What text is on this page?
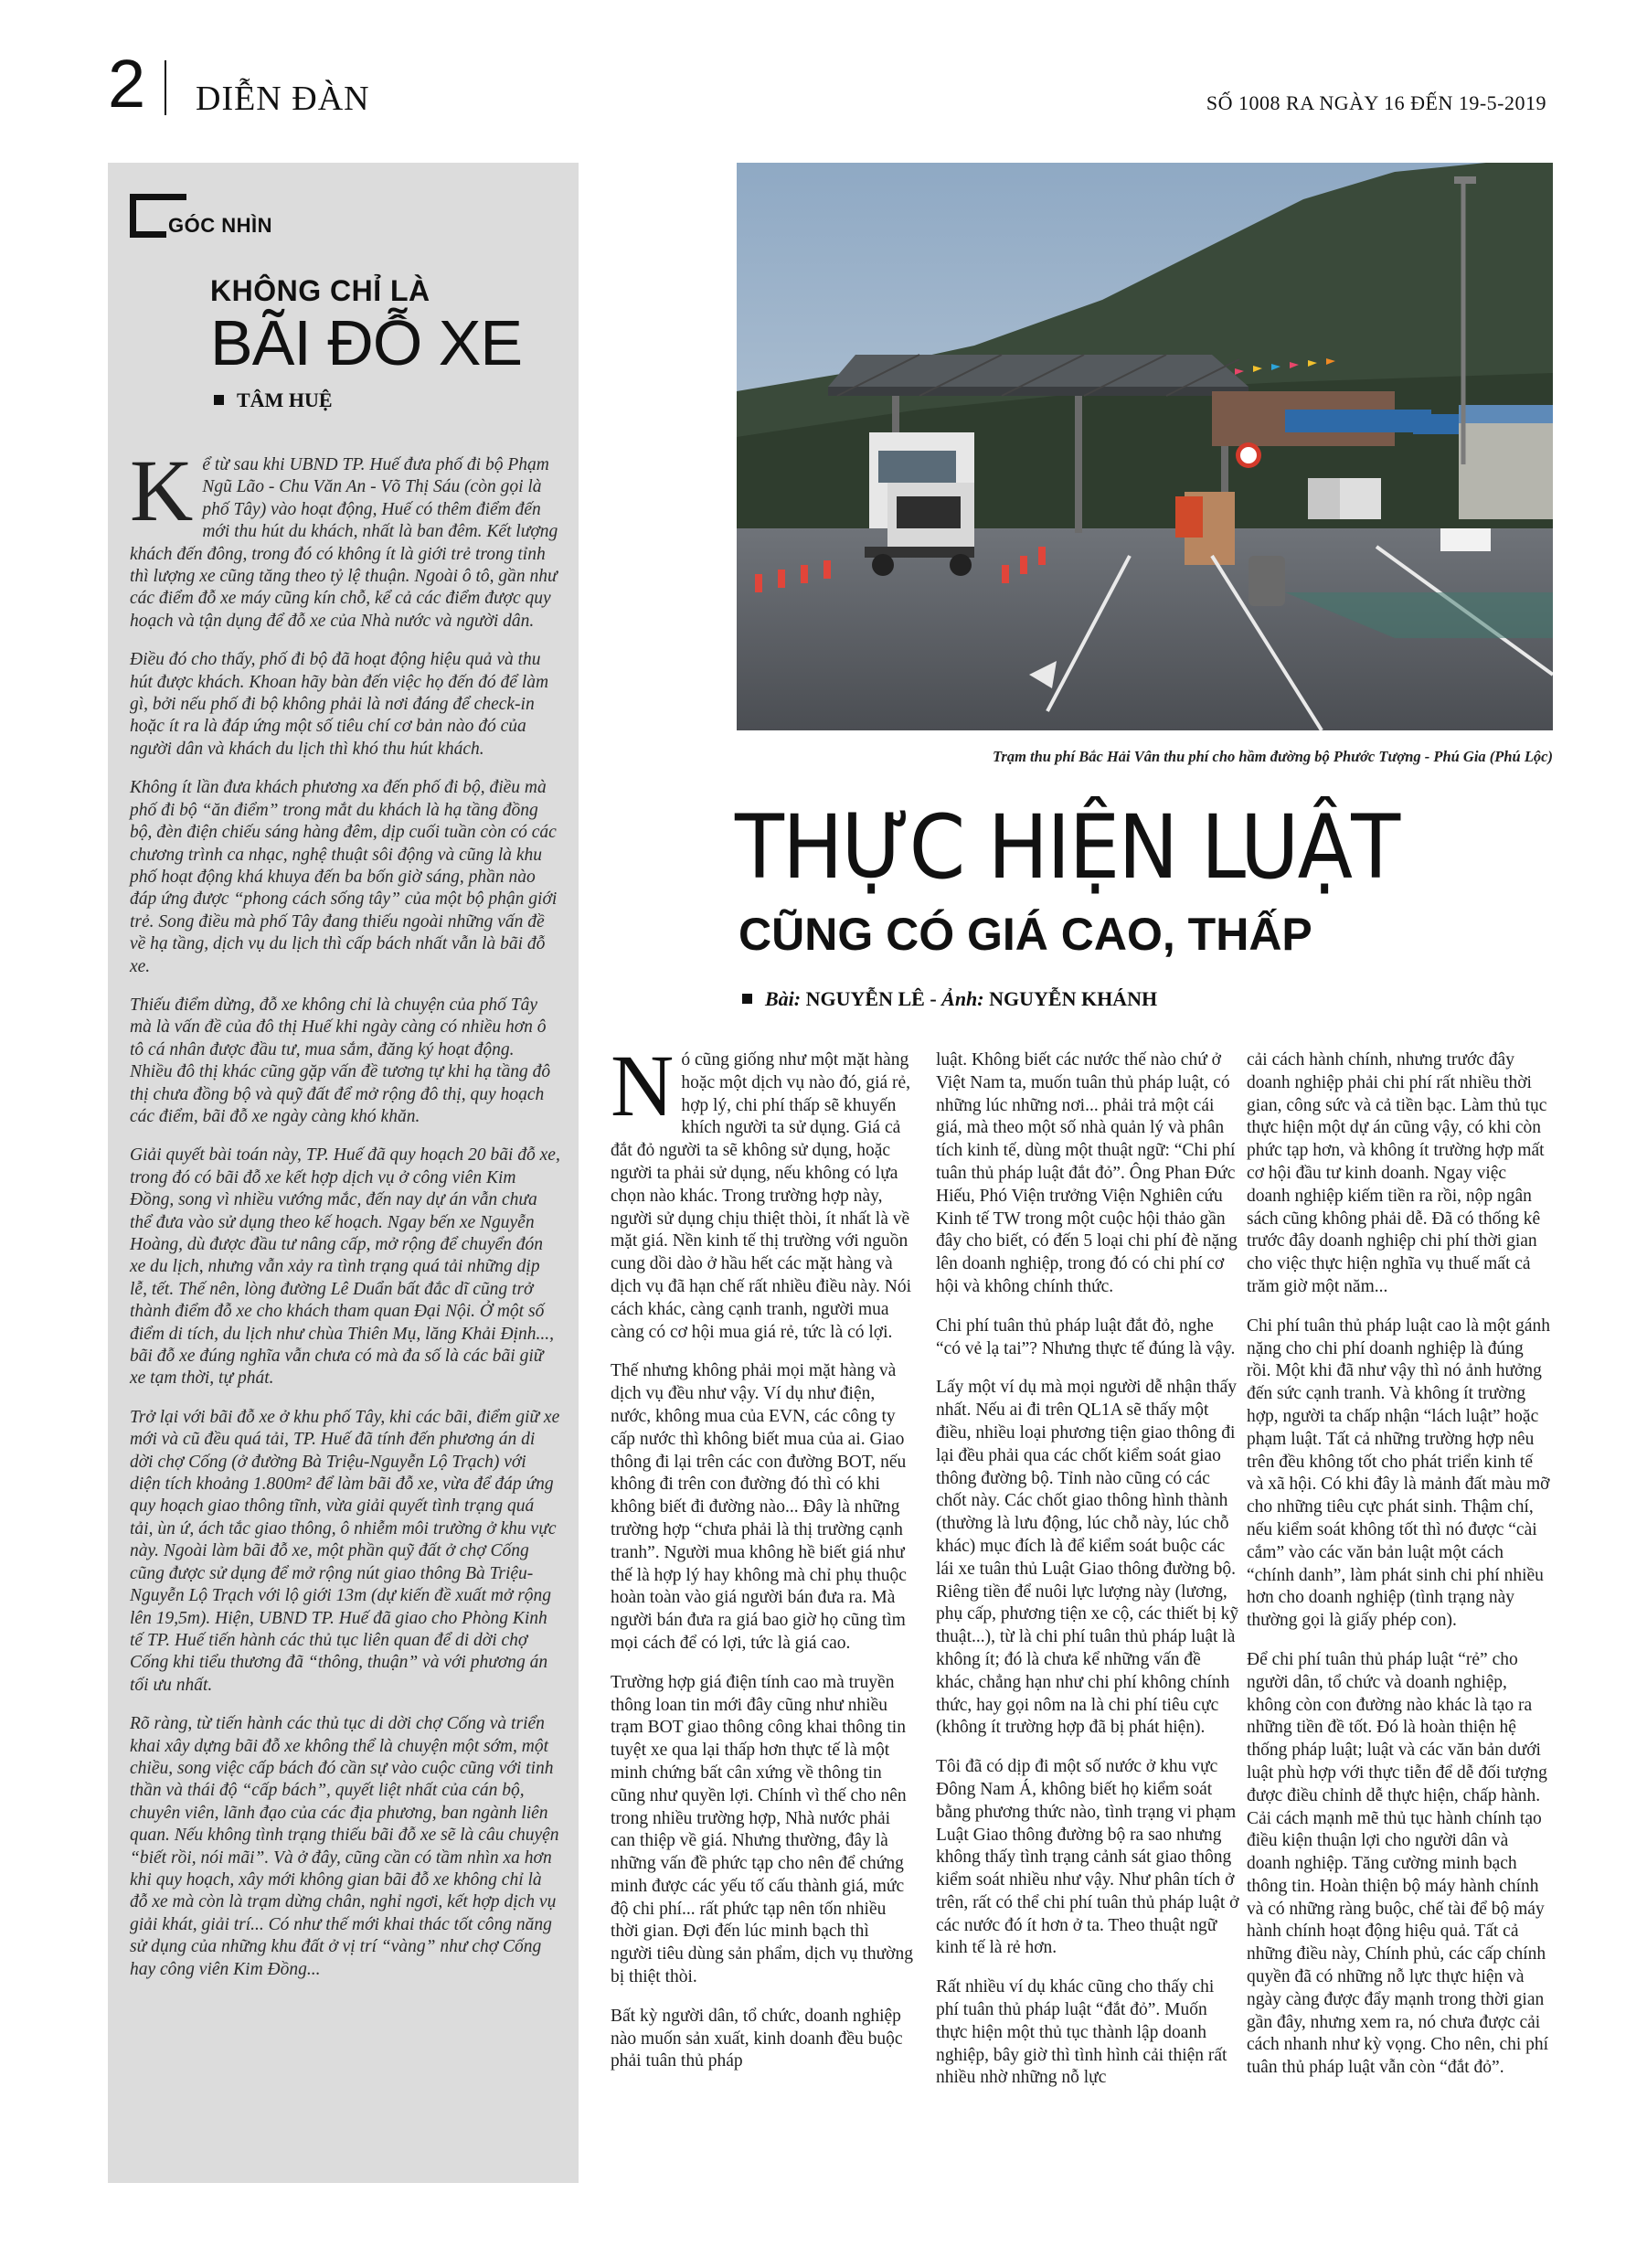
2 DIỄN ĐÀN	SỐ 1008 RA NGÀY 16 ĐẾN 19-5-2019
GÓC NHÌN
KHÔNG CHỈ LÀ
BÃI ĐỖ XE
TÂM HUỆ

Kể từ sau khi UBND TP. Huế đưa phố đi bộ Phạm Ngũ Lão - Chu Văn An - Võ Thị Sáu (còn gọi là phố Tây) vào hoạt động, Huế có thêm điểm đến mới thu hút du khách, nhất là ban đêm. Kết lượng khách đến đông, trong đó có không ít là giới trẻ trong tỉnh thì lượng xe cũng tăng theo tỷ lệ thuận. Ngoài ô tô, gần như các điểm đỗ xe máy cũng kín chỗ, kể cả các điểm được quy hoạch và tận dụng để đỗ xe của Nhà nước và người dân.

Điều đó cho thấy, phố đi bộ đã hoạt động hiệu quả và thu hút được khách. Khoan hãy bàn đến việc họ đến đó để làm gì, bởi nếu phố đi bộ không phải là nơi đáng để check-in hoặc ít ra là đáp ứng một số tiêu chí cơ bản nào đó của người dân và khách du lịch thì khó thu hút khách.

Không ít lần đưa khách phương xa đến phố đi bộ, điều mà phố đi bộ “ăn điểm” trong mắt du khách là hạ tầng đồng bộ, đèn điện chiếu sáng hàng đêm, dịp cuối tuần còn có các chương trình ca nhạc, nghệ thuật sôi động và cũng là khu phố hoạt động khá khuya đến ba bốn giờ sáng, phần nào đáp ứng được “phong cách sống tây” của một bộ phận giới trẻ. Song điều mà phố Tây đang thiếu ngoài những vấn đề về hạ tầng, dịch vụ du lịch thì cấp bách nhất vẫn là bãi đỗ xe.

Thiếu điểm dừng, đỗ xe không chỉ là chuyện của phố Tây mà là vấn đề của đô thị Huế khi ngày càng có nhiều hơn ô tô cá nhân được đầu tư, mua sắm, đăng ký hoạt động. Nhiều đô thị khác cũng gặp vấn đề tương tự khi hạ tầng đô thị chưa đồng bộ và quỹ đất để mở rộng đô thị, quy hoạch các điểm, bãi đỗ xe ngày càng khó khăn.

Giải quyết bài toán này, TP. Huế đã quy hoạch 20 bãi đỗ xe, trong đó có bãi đỗ xe kết hợp dịch vụ ở công viên Kim Đồng, song vì nhiều vướng mắc, đến nay dự án vẫn chưa thể đưa vào sử dụng theo kế hoạch. Ngay bến xe Nguyễn Hoàng, dù được đầu tư nâng cấp, mở rộng để chuyển đón xe du lịch, nhưng vẫn xảy ra tình trạng quá tải những dịp lễ, tết. Thế nên, lòng đường Lê Duẩn bất đắc dĩ cũng trở thành điểm đỗ xe cho khách tham quan Đại Nội. Ở một số điểm di tích, du lịch như chùa Thiên Mụ, lăng Khải Định..., bãi đỗ xe đúng nghĩa vẫn chưa có mà đa số là các bãi giữ xe tạm thời, tự phát.

Trở lại với bãi đỗ xe ở khu phố Tây, khi các bãi, điểm giữ xe mới và cũ đều quá tải, TP. Huế đã tính đến phương án di dời chợ Cống (ở đường Bà Triệu-Nguyễn Lộ Trạch) với diện tích khoảng 1.800m² để làm bãi đỗ xe, vừa để đáp ứng quy hoạch giao thông tĩnh, vừa giải quyết tình trạng quá tải, ùn ứ, ách tắc giao thông, ô nhiễm môi trường ở khu vực này. Ngoài làm bãi đỗ xe, một phần quỹ đất ở chợ Cống cũng được sử dụng để mở rộng nút giao thông Bà Triệu-Nguyễn Lộ Trạch với lộ giới 13m (dự kiến đề xuất mở rộng lên 19,5m). Hiện, UBND TP. Huế đã giao cho Phòng Kinh tế TP. Huế tiến hành các thủ tục liên quan để di dời chợ Cống khi tiểu thương đã “thông, thuận” và với phương án tối ưu nhất.

Rõ ràng, từ tiến hành các thủ tục di dời chợ Cống và triển khai xây dựng bãi đỗ xe không thể là chuyện một sớm, một chiều, song việc cấp bách đó cần sự vào cuộc cũng với tinh thần và thái độ “cấp bách”, quyết liệt nhất của cán bộ, chuyên viên, lãnh đạo của các địa phương, ban ngành liên quan. Nếu không tình trạng thiếu bãi đỗ xe sẽ là câu chuyện “biết rồi, nói mãi”. Và ở đây, cũng cần có tầm nhìn xa hơn khi quy hoạch, xây mới không gian bãi đỗ xe không chỉ là đỗ xe mà còn là trạm dừng chân, nghỉ ngơi, kết hợp dịch vụ giải khát, giải trí... Có như thế mới khai thác tốt công năng sử dụng của những khu đất ở vị trí “vàng” như chợ Cống hay công viên Kim Đồng...

Trạm thu phí Bắc Hải Vân thu phí cho hầm đường bộ Phước Tượng - Phú Gia (Phú Lộc)
THỰC HIỆN LUẬT
CŨNG CÓ GIÁ CAO, THẤP
Bài: NGUYỄN LÊ - Ảnh: NGUYỄN KHÁNH

Nó cũng giống như một mặt hàng hoặc một dịch vụ nào đó, giá rẻ, hợp lý, chi phí thấp sẽ khuyến khích người ta sử dụng. Giá cả đắt đỏ người ta sẽ không sử dụng, hoặc người ta phải sử dụng, nếu không có lựa chọn nào khác. Trong trường hợp này, người sử dụng chịu thiệt thòi, ít nhất là về mặt giá. Nền kinh tế thị trường với nguồn cung dồi dào ở hầu hết các mặt hàng và dịch vụ đã hạn chế rất nhiều điều này. Nói cách khác, càng cạnh tranh, người mua càng có cơ hội mua giá rẻ, tức là có lợi.

Thế nhưng không phải mọi mặt hàng và dịch vụ đều như vậy. Ví dụ như điện, nước, không mua của EVN, các công ty cấp nước thì không biết mua của ai. Giao thông đi lại trên các con đường BOT, nếu không đi trên con đường đó thì có khi không biết đi đường nào... Đây là những trường hợp “chưa phải là thị trường cạnh tranh”. Người mua không hề biết giá như thế là hợp lý hay không mà chỉ phụ thuộc hoàn toàn vào giá người bán đưa ra. Mà người bán đưa ra giá bao giờ họ cũng tìm mọi cách để có lợi, tức là giá cao.

Trường hợp giá điện tính cao mà truyền thông loan tin mới đây cũng như nhiều trạm BOT giao thông công khai thông tin tuyệt xe qua lại thấp hơn thực tế là một minh chứng bất cân xứng về thông tin cũng như quyền lợi. Chính vì thế cho nên trong nhiều trường hợp, Nhà nước phải can thiệp về giá. Nhưng thường, đây là những vấn đề phức tạp cho nên để chứng minh được các yếu tố cấu thành giá, mức độ chi phí... rất phức tạp nên tốn nhiều thời gian. Đợi đến lúc minh bạch thì người tiêu dùng sản phẩm, dịch vụ thường bị thiệt thòi.

Bất kỳ người dân, tổ chức, doanh nghiệp nào muốn sản xuất, kinh doanh đều buộc phải tuân thủ pháp

luật. Không biết các nước thế nào chứ ở Việt Nam ta, muốn tuân thủ pháp luật, có những lúc những nơi... phải trả một cái giá, mà theo một số nhà quản lý và phân tích kinh tế, dùng một thuật ngữ: “Chi phí tuân thủ pháp luật đắt đỏ”. Ông Phan Đức Hiếu, Phó Viện trưởng Viện Nghiên cứu Kinh tế TW trong một cuộc hội thảo gần đây cho biết, có đến 5 loại chi phí đè nặng lên doanh nghiệp, trong đó có chi phí cơ hội và không chính thức.

Chi phí tuân thủ pháp luật đắt đỏ, nghe “có vẻ lạ tai”? Nhưng thực tế đúng là vậy.

Lấy một ví dụ mà mọi người dễ nhận thấy nhất. Nếu ai đi trên QL1A sẽ thấy một điều, nhiều loại phương tiện giao thông đi lại đều phải qua các chốt kiểm soát giao thông đường bộ. Tỉnh nào cũng có các chốt này. Các chốt giao thông hình thành (thường là lưu động, lúc chỗ này, lúc chỗ khác) mục đích là để kiểm soát buộc các lái xe tuân thủ Luật Giao thông đường bộ. Riêng tiền để nuôi lực lượng này (lương, phụ cấp, phương tiện xe cộ, các thiết bị kỹ thuật...), từ là chi phí tuân thủ pháp luật là không ít; đó là chưa kể những vấn đề khác, chẳng hạn như chi phí không chính thức, hay gọi nôm na là chi phí tiêu cực (không ít trường hợp đã bị phát hiện).

Tôi đã có dịp đi một số nước ở khu vực Đông Nam Á, không biết họ kiểm soát bằng phương thức nào, tình trạng vi phạm Luật Giao thông đường bộ ra sao nhưng không thấy tình trạng cảnh sát giao thông kiểm soát nhiều như vậy. Như phân tích ở trên, rất có thể chi phí tuân thủ pháp luật ở các nước đó ít hơn ở ta. Theo thuật ngữ kinh tế là rẻ hơn.

Rất nhiều ví dụ khác cũng cho thấy chi phí tuân thủ pháp luật “đắt đỏ”. Muốn thực hiện một thủ tục thành lập doanh nghiệp, bây giờ thì tình hình cải thiện rất nhiều nhờ những nỗ lực

cải cách hành chính, nhưng trước đây doanh nghiệp phải chi phí rất nhiều thời gian, công sức và cả tiền bạc. Làm thủ tục thực hiện một dự án cũng vậy, có khi còn phức tạp hơn, và không ít trường hợp mất cơ hội đầu tư kinh doanh. Ngay việc doanh nghiệp kiếm tiền ra rồi, nộp ngân sách cũng không phải dễ. Đã có thống kê trước đây doanh nghiệp chi phí thời gian cho việc thực hiện nghĩa vụ thuế mất cả trăm giờ một năm...

Chi phí tuân thủ pháp luật cao là một gánh nặng cho chi phí doanh nghiệp là đúng rồi. Một khi đã như vậy thì nó ảnh hưởng đến sức cạnh tranh. Và không ít trường hợp, người ta chấp nhận “lách luật” hoặc phạm luật. Tất cả những trường hợp nêu trên đều không tốt cho phát triển kinh tế và xã hội. Có khi đây là mảnh đất màu mỡ cho những tiêu cực phát sinh. Thậm chí, nếu kiểm soát không tốt thì nó được “cài cắm” vào các văn bản luật một cách “chính danh”, làm phát sinh chi phí nhiều hơn cho doanh nghiệp (tình trạng này thường gọi là giấy phép con).

Để chi phí tuân thủ pháp luật “rẻ” cho người dân, tổ chức và doanh nghiệp, không còn con đường nào khác là tạo ra những tiền đề tốt. Đó là hoàn thiện hệ thống pháp luật; luật và các văn bản dưới luật phù hợp với thực tiễn để dễ đối tượng được điều chỉnh dễ thực hiện, chấp hành. Cải cách mạnh mẽ thủ tục hành chính tạo điều kiện thuận lợi cho người dân và doanh nghiệp. Tăng cường minh bạch thông tin. Hoàn thiện bộ máy hành chính và có những ràng buộc, chế tài để bộ máy hành chính hoạt động hiệu quả. Tất cả những điều này, Chính phủ, các cấp chính quyền đã có những nỗ lực thực hiện và ngày càng được đẩy mạnh trong thời gian gần đây, nhưng xem ra, nó chưa được cải cách nhanh như kỳ vọng. Cho nên, chi phí tuân thủ pháp luật vẫn còn “đắt đỏ”.
